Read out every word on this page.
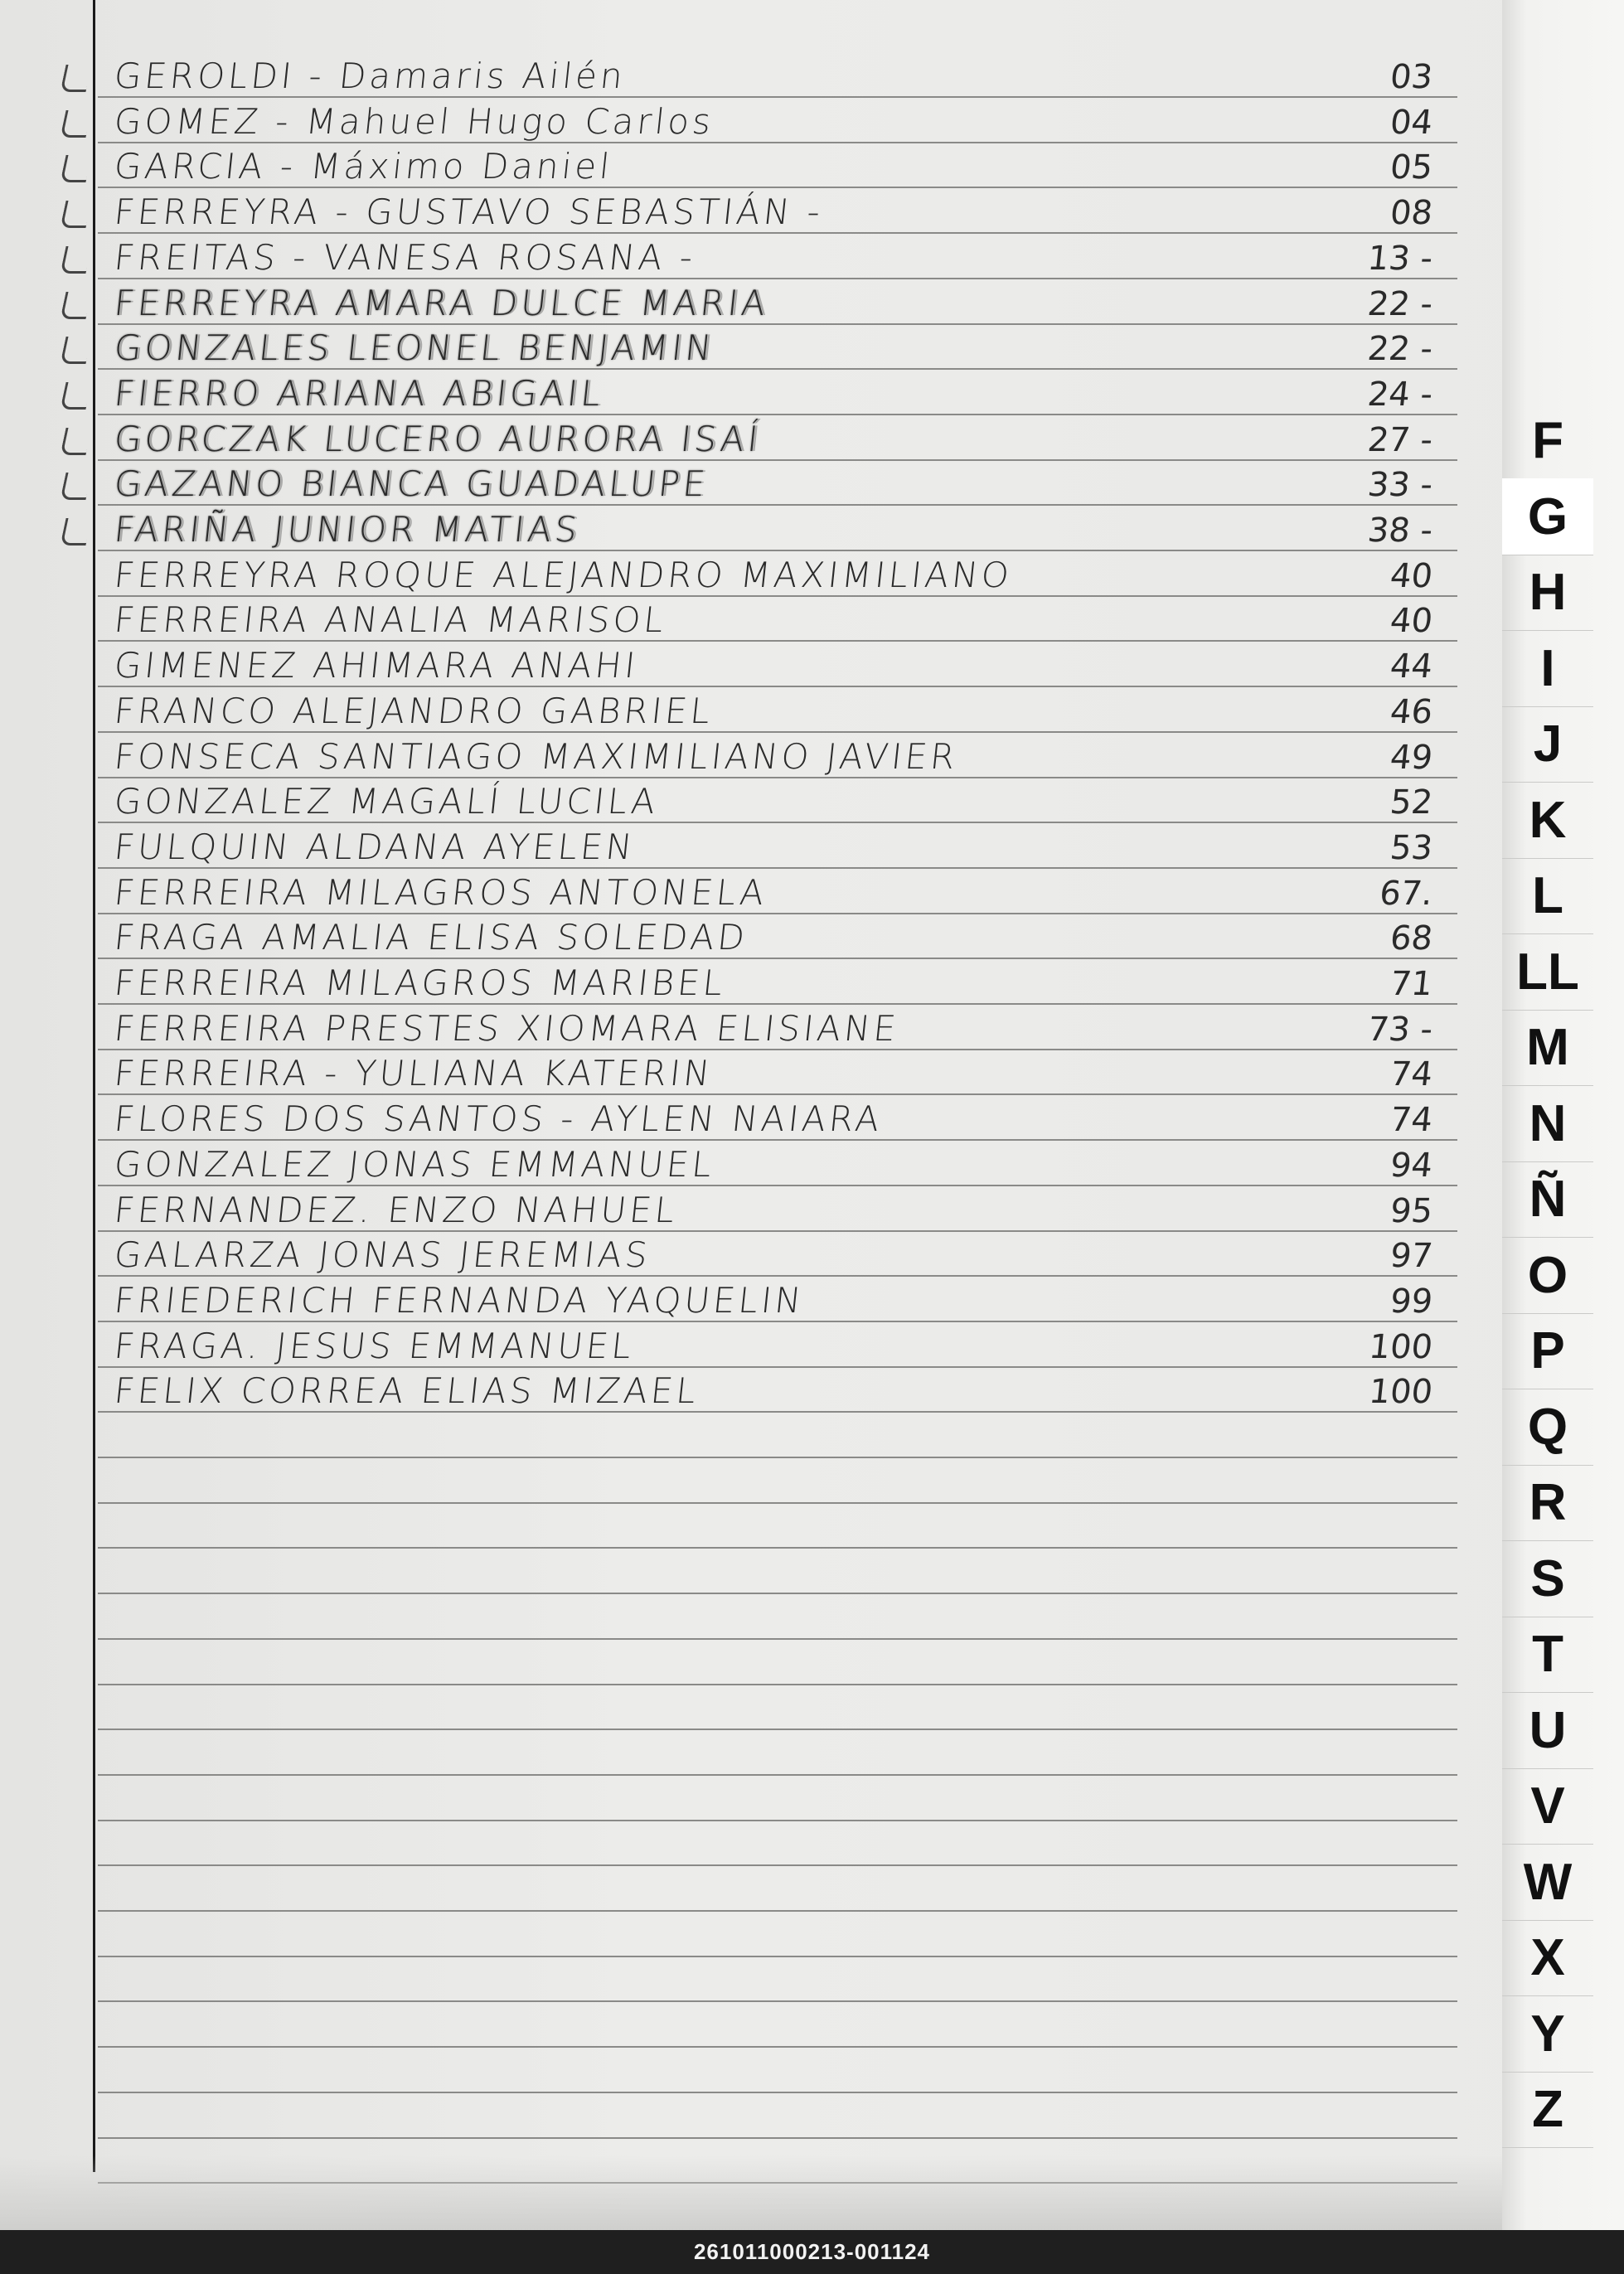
GEROLDI - Damaris Ailén	03
GOMEZ - Mahuel Hugo Carlos	04
GARCIA - Máximo Daniel	05
FERREYRA - GUSTAVO SEBASTIÁN -	08
FREITAS - VANESA ROSANA -	13 -
FERREYRA AMARA DULCE MARIA	22 -
GONZALES LEONEL BENJAMIN	22 -
FIERRO ARIANA ABIGAIL	24 -
GORCZAK LUCERO AURORA ISAÍ	27 -
GAZANO BIANCA GUADALUPE	33 -
FARIÑA JUNIOR MATIAS	38 -
FERREYRA ROQUE ALEJANDRO MAXIMILIANO	40
FERREIRA ANALIA MARISOL	40
GIMENEZ AHIMARA ANAHI	44
FRANCO ALEJANDRO GABRIEL	46
FONSECA SANTIAGO MAXIMILIANO JAVIER	49
GONZALEZ MAGALÍ LUCILA	52
FULQUIN ALDANA AYELEN	53
FERREIRA MILAGROS ANTONELA	67.
FRAGA AMALIA ELISA SOLEDAD	68
FERREIRA MILAGROS MARIBEL	71
FERREIRA PRESTES XIOMARA ELISIANE	73 -
FERREIRA - YULIANA KATERIN	74
FLORES DOS SANTOS - AYLEN NAIARA	74
GONZALEZ JONAS EMMANUEL	94
FERNANDEZ. ENZO NAHUEL	95
GALARZA JONAS JEREMIAS	97
FRIEDERICH FERNANDA YAQUELIN	99
FRAGA. JESUS EMMANUEL	100
FELIX CORREA ELIAS MIZAEL	100
F
G
H
I
J
K
L
LL
M
N
Ñ
O
P
Q
R
S
T
U
V
W
X
Y
Z
261011000213-001124
